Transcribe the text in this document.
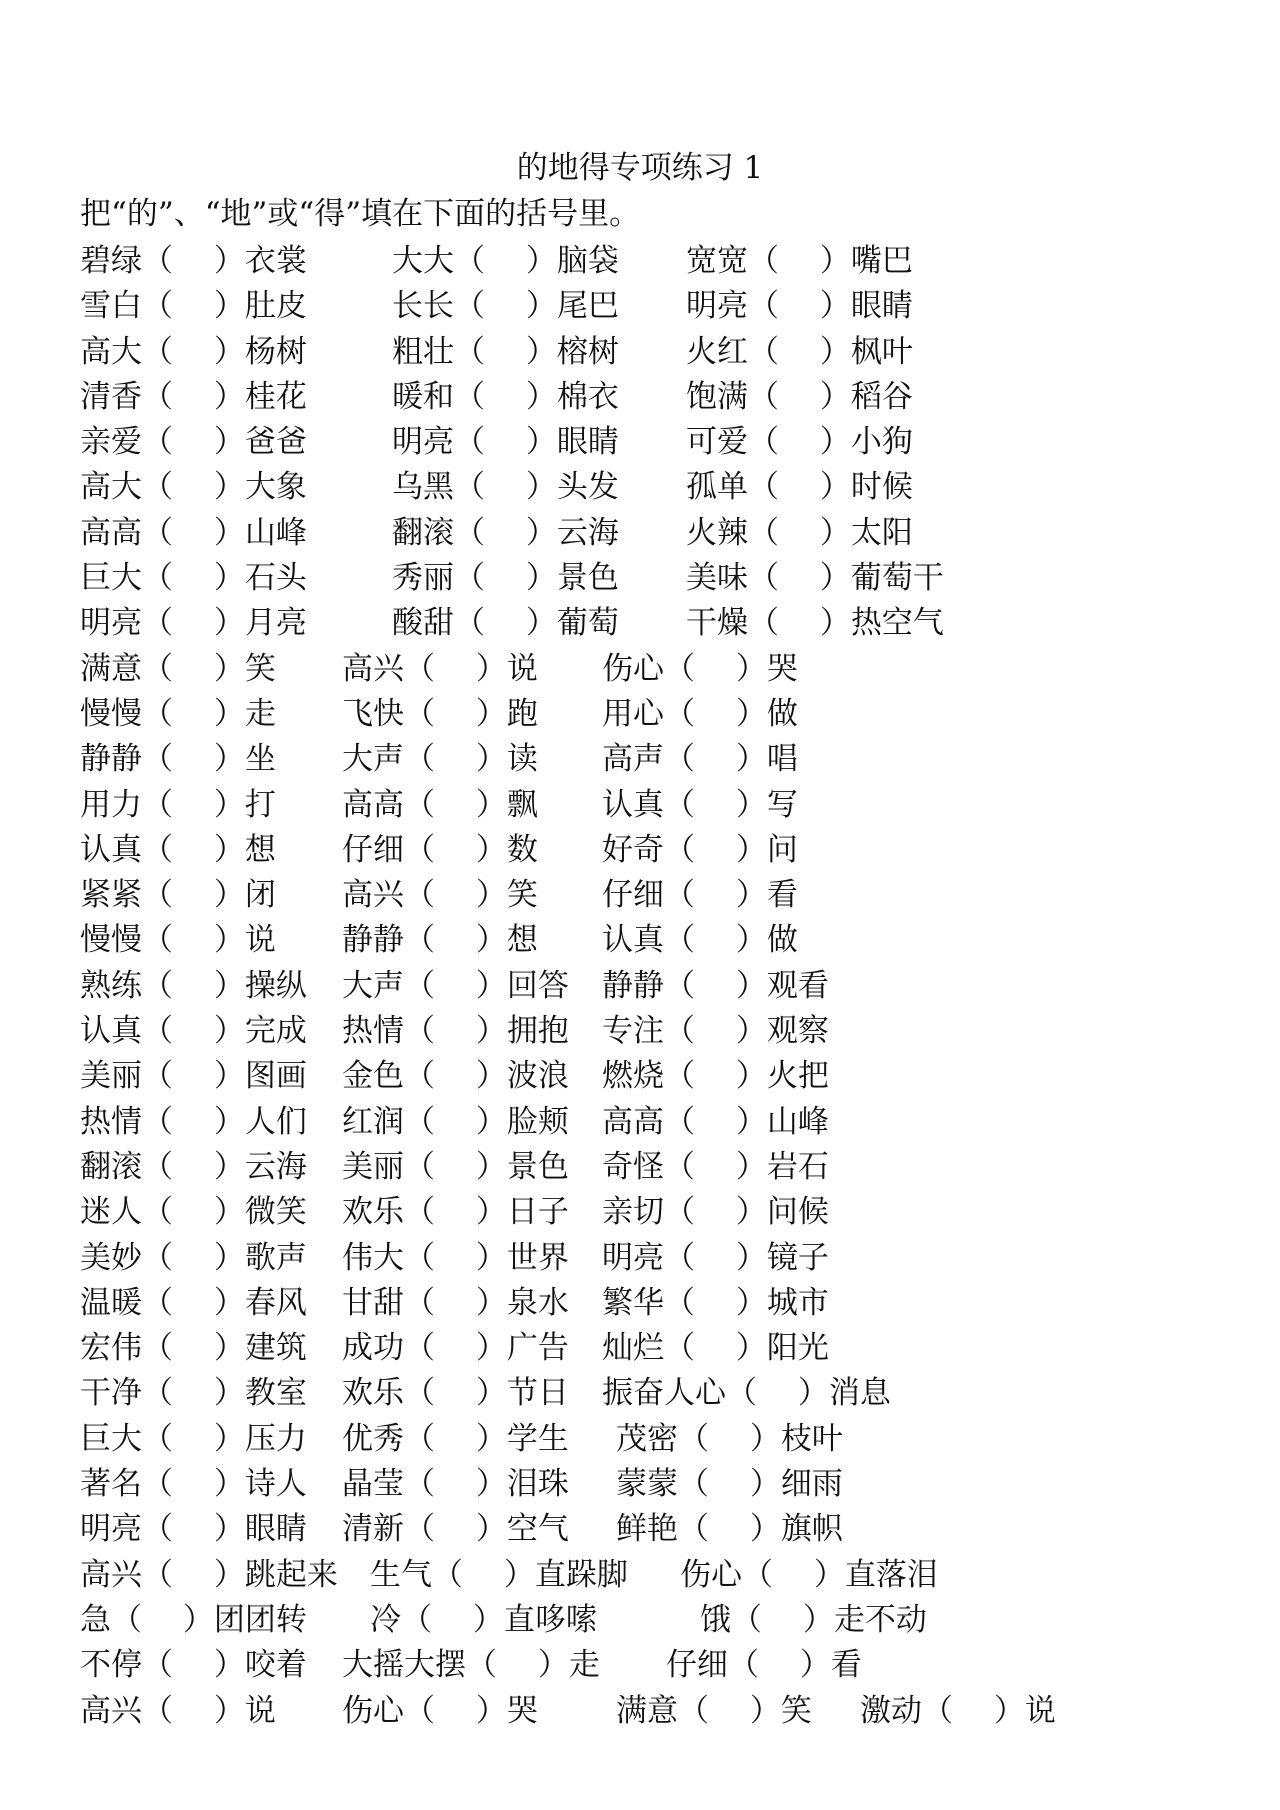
的地得专项练习 1
把“的”、“地”或“得”填在下面的括号里。
碧绿（　 ）衣裳	大大（　 ）脑袋 宽宽（　 ）嘴巴
雪白（　 ）肚皮	长长（　 ）尾巴 明亮（　 ）眼睛
高大（　 ）杨树	粗壮（　 ）榕树 火红（　 ）枫叶
清香（　 ）桂花	暖和（　 ）棉衣 饱满（　 ）稻谷
亲爱（　 ）爸爸	明亮（　 ）眼睛 可爱（　 ）小狗
高大（　 ）大象	乌黑（　 ）头发 孤单（　 ）时候
高高（　 ）山峰	翻滚（　 ）云海 火辣（　 ）太阳
巨大（　 ）石头	秀丽（　 ）景色 美味（　 ）葡萄干
明亮（　 ）月亮	酸甜（　 ）葡萄 干燥（　 ）热空气
满意（　 ）笑 高兴（　 ）说 伤心（　 ）哭
慢慢（　 ）走 飞快（　 ）跑 用心（　 ）做
静静（　 ）坐 大声（　 ）读 高声（　 ）唱
用力（　 ）打 高高（　 ）飘 认真（　 ）写
认真（　 ）想 仔细（　 ）数 好奇（　 ）问
紧紧（　 ）闭 高兴（　 ）笑 仔细（　 ）看
慢慢（　 ）说 静静（　 ）想 认真（　 ）做
熟练（　 ）操纵 大声（　 ）回答 静静（　 ）观看
认真（　 ）完成 热情（　 ）拥抱 专注（　 ）观察
美丽（　 ）图画 金色（　 ）波浪 燃烧（　 ）火把
热情（　 ）人们 红润（　 ）脸颊 高高（　 ）山峰
翻滚（　 ）云海 美丽（　 ）景色 奇怪（　 ）岩石
迷人（　 ）微笑 欢乐（　 ）日子 亲切（　 ）问候
美妙（　 ）歌声 伟大（　 ）世界 明亮（　 ）镜子
温暖（　 ）春风 甘甜（　 ）泉水 繁华（　 ）城市
宏伟（　 ）建筑 成功（　 ）广告 灿烂（　 ）阳光
干净（　 ）教室 欢乐（　 ）节日 振奋人心（　 ）消息
巨大（　 ）压力 优秀（　 ）学生 茂密（　 ）枝叶
著名（　 ）诗人 晶莹（　 ）泪珠 蒙蒙（　 ）细雨
明亮（　 ）眼睛 清新（　 ）空气 鲜艳（　 ）旗帜
高兴（　 ）跳起来 生气（　 ）直跺脚 伤心（　 ）直落泪
急（　 ）团团转 冷（　 ）直哆嗦	饿（　 ）走不动
不停（　 ）咬着 大摇大摆（　 ）走 仔细（　 ）看
高兴（　 ）说 伤心（　 ）哭	满意（　 ）笑 激动（　 ）说
